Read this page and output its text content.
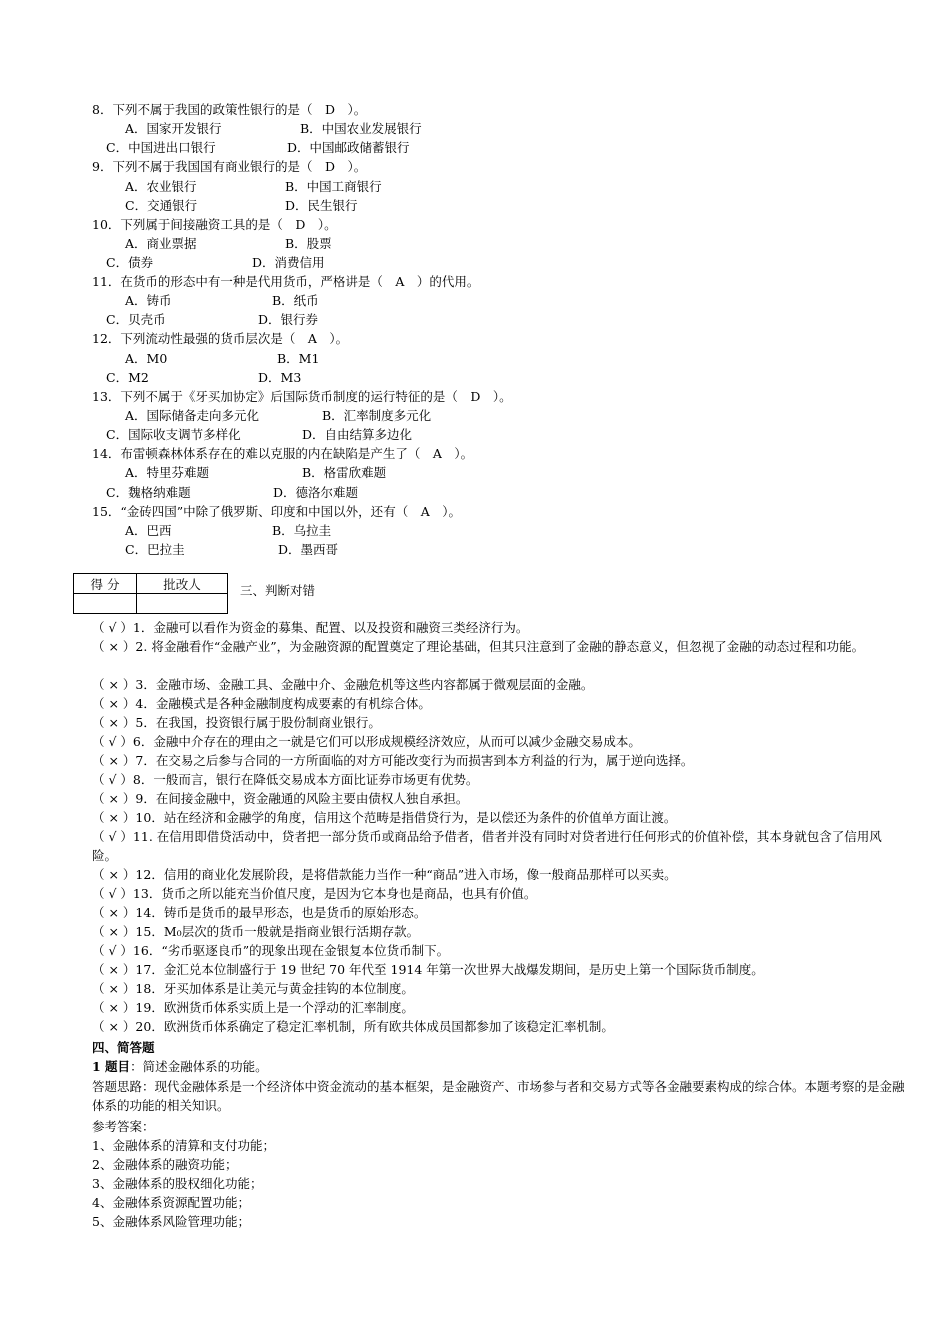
8．下列不属于我国的政策性银行的是（　D　）。
A．国家开发银行	B．中国农业发展银行
C．中国进出口银行	D．中国邮政储蓄银行
9．下列不属于我国国有商业银行的是（　D　）。
A．农业银行	B．中国工商银行
C．交通银行	D．民生银行
10．下列属于间接融资工具的是（　D　）。
A．商业票据	B．股票
C．债券	D．消费信用
11．在货币的形态中有一种是代用货币，严格讲是（　A　）的代用。
A．铸币	B．纸币
C．贝壳币	D．银行券
12．下列流动性最强的货币层次是（　A　）。
A．M0	B．M1
C．M2	D．M3
13．下列不属于《牙买加协定》后国际货币制度的运行特征的是（　D　）。
A．国际储备走向多元化	B．汇率制度多元化
C．国际收支调节多样化	D．自由结算多边化
14．布雷顿森林体系存在的难以克服的内在缺陷是产生了（　A　）。
A．特里芬难题	B．格雷欣难题
C．魏格纳难题	D．德洛尔难题
15．“金砖四国”中除了俄罗斯、印度和中国以外，还有（　A　）。
A．巴西	B．乌拉圭
C．巴拉圭	D．墨西哥
得 分	批改人
		三、判断对错
（ √ ）1．金融可以看作为资金的募集、配置、以及投资和融资三类经济行为。
（ × ）2. 将金融看作“金融产业”，为金融资源的配置奠定了理论基础，但其只注意到了金融的静态意义，但忽视了金融的动态过程和功能。
（ × ）3．金融市场、金融工具、金融中介、金融危机等这些内容都属于微观层面的金融。
（ × ）4．金融模式是各种金融制度构成要素的有机综合体。
（ × ）5．在我国，投资银行属于股份制商业银行。
（ √ ）6．金融中介存在的理由之一就是它们可以形成规模经济效应，从而可以减少金融交易成本。
（ × ）7．在交易之后参与合同的一方所面临的对方可能改变行为而损害到本方利益的行为，属于逆向选择。
（ √ ）8．一般而言，银行在降低交易成本方面比证券市场更有优势。
（ × ）9．在间接金融中，资金融通的风险主要由债权人独自承担。
（ × ）10．站在经济和金融学的角度，信用这个范畴是指借贷行为，是以偿还为条件的价值单方面让渡。
（ √ ）11. 在信用即借贷活动中，贷者把一部分货币或商品给予借者，借者并没有同时对贷者进行任何形式的价值补偿，其本身就包含了信用风险。
（ × ）12．信用的商业化发展阶段，是将借款能力当作一种“商品”进入市场，像一般商品那样可以买卖。
（ √ ）13．货币之所以能充当价值尺度，是因为它本身也是商品，也具有价值。
（ × ）14．铸币是货币的最早形态，也是货币的原始形态。
（ × ）15．M₀层次的货币一般就是指商业银行活期存款。
（ √ ）16．“劣币驱逐良币”的现象出现在金银复本位货币制下。
（ × ）17．金汇兑本位制盛行于 19 世纪 70 年代至 1914 年第一次世界大战爆发期间，是历史上第一个国际货币制度。
（ × ）18．牙买加体系是让美元与黄金挂钩的本位制度。
（ × ）19．欧洲货币体系实质上是一个浮动的汇率制度。
（ × ）20．欧洲货币体系确定了稳定汇率机制，所有欧共体成员国都参加了该稳定汇率机制。
四、简答题
1 题目：简述金融体系的功能。
答题思路：现代金融体系是一个经济体中资金流动的基本框架，是金融资产、市场参与者和交易方式等各金融要素构成的综合体。本题考察的是金融体系的功能的相关知识。
参考答案：
1、金融体系的清算和支付功能；
2、金融体系的融资功能；
3、金融体系的股权细化功能；
4、金融体系资源配置功能；
5、金融体系风险管理功能；
